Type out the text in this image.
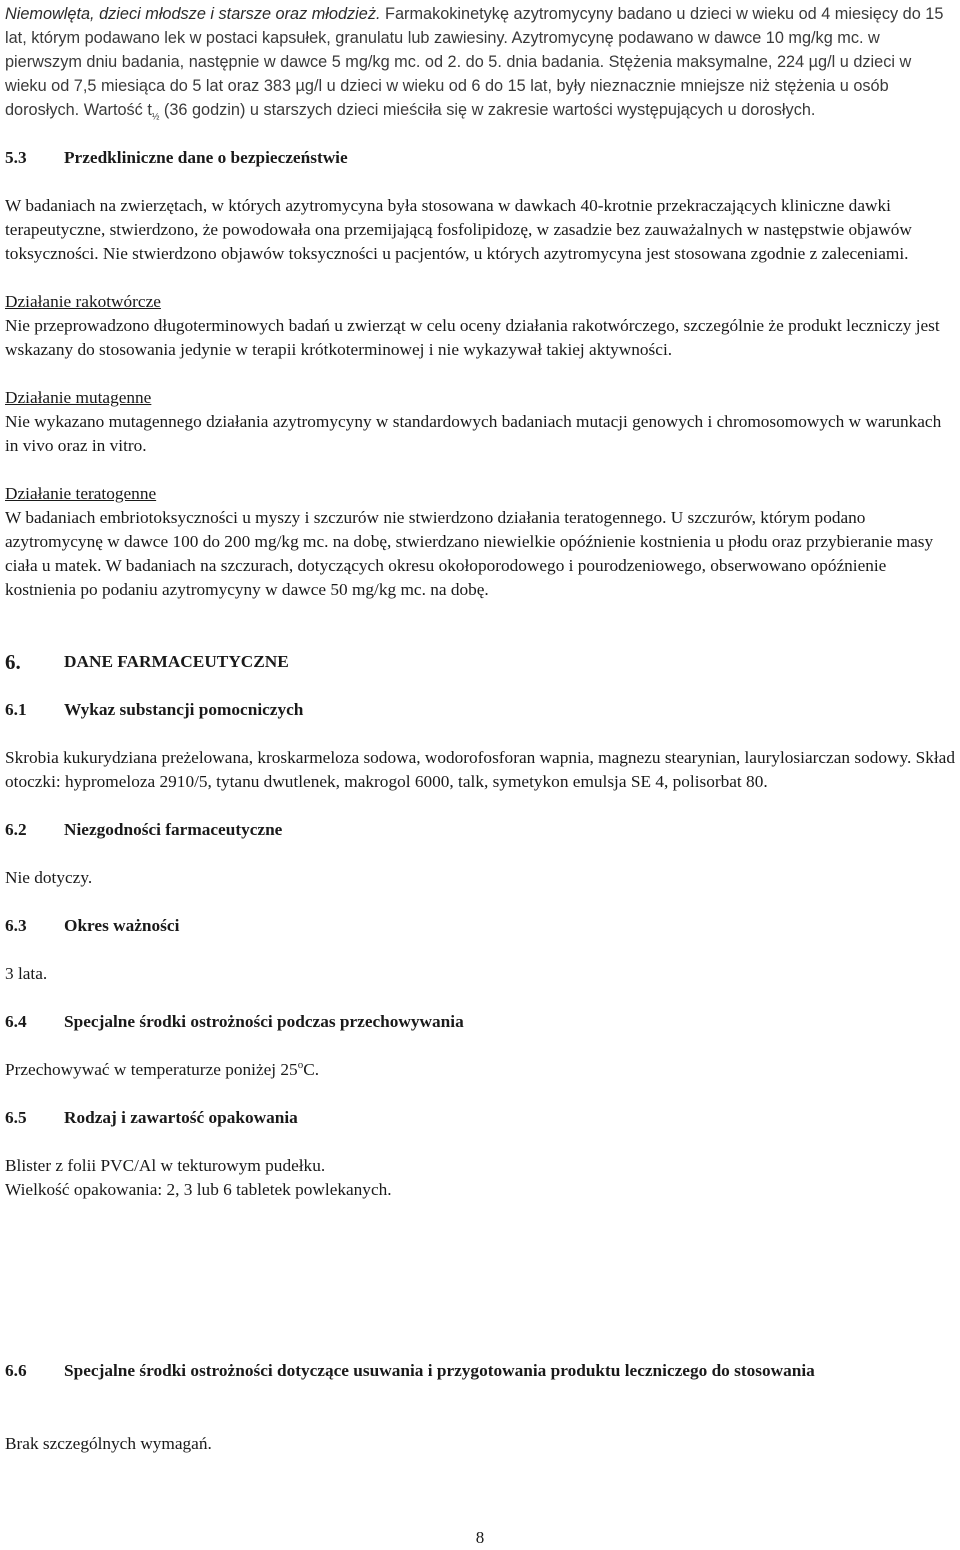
Niemowlęta, dzieci młodsze i starsze oraz młodzież. Farmakokinetykę azytromycyny badano u dzieci w wieku od 4 miesięcy do 15 lat, którym podawano lek w postaci kapsułek, granulatu lub zawiesiny. Azytromycynę podawano w dawce 10 mg/kg mc. w pierwszym dniu badania, następnie w dawce 5 mg/kg mc. od 2. do 5. dnia badania. Stężenia maksymalne, 224 µg/l u dzieci w wieku od 7,5 miesiąca do 5 lat oraz 383 µg/l u dzieci w wieku od 6 do 15 lat, były nieznacznie mniejsze niż stężenia u osób dorosłych. Wartość $t_{\frac{1}{2}}$ (36 godzin) u starszych dzieci mieściła się w zakresie wartości występujących u dorosłych.

5.3	Przedkliniczne dane o bezpieczeństwie

W badaniach na zwierzętach, w których azytromycyna była stosowana w dawkach 40-krotnie przekraczających kliniczne dawki terapeutyczne, stwierdzono, że powodowała ona przemijającą fosfolipidozę, w zasadzie bez zauważalnych w następstwie objawów toksyczności. Nie stwierdzono objawów toksyczności u pacjentów, u których azytromycyna jest stosowana zgodnie z zaleceniami.

Działanie rakotwórcze

Nie przeprowadzono długoterminowych badań u zwierząt w celu oceny działania rakotwórczego, szczególnie że produkt leczniczy jest wskazany do stosowania jedynie w terapii krótkoterminowej i nie wykazywał takiej aktywności.

Działanie mutagenne

Nie wykazano mutagennego działania azytromycyny w standardowych badaniach mutacji genowych i chromosomowych w warunkach in vivo oraz in vitro.

Działanie teratogenne

W badaniach embriotoksyczności u myszy i szczurów nie stwierdzono działania teratogennego. U szczurów, którym podano azytromycynę w dawce 100 do 200 mg/kg mc. na dobę, stwierdzano niewielkie opóźnienie kostnienia u płodu oraz przybieranie masy ciała u matek. W badaniach na szczurach, dotyczących okresu okołoporodowego i pourodzeniowego, obserwowano opóźnienie kostnienia po podaniu azytromycyny w dawce 50 mg/kg mc. na dobę.

6.	DANE FARMACEUTYCZNE
6.1	Wykaz substancji pomocniczych

Skrobia kukurydziana preżelowana, kroskarmeloza sodowa, wodorofosforan wapnia, magnezu stearynian, laurylosiarczan sodowy. Skład otoczki: hypromeloza 2910/5, tytanu dwutlenek, makrogol 6000, talk, symetykon emulsja SE 4, polisorbat 80.

6.2	Niezgodności farmaceutyczne

Nie dotyczy.

6.3	Okres ważności

3 lata.

6.4	Specjalne środki ostrożności podczas przechowywania

Przechowywać w temperaturze poniżej 25$^o$C.

6.5	Rodzaj i zawartość opakowania

Blister z folii PVC/Al w tekturowym pudełku.

Wielkość opakowania: 2, 3 lub 6 tabletek powlekanych.

6.6 Specjalne środki ostrożności dotyczące usuwania i przygotowania produktu leczniczego do stosowania

Brak szczególnych wymagań.

8
